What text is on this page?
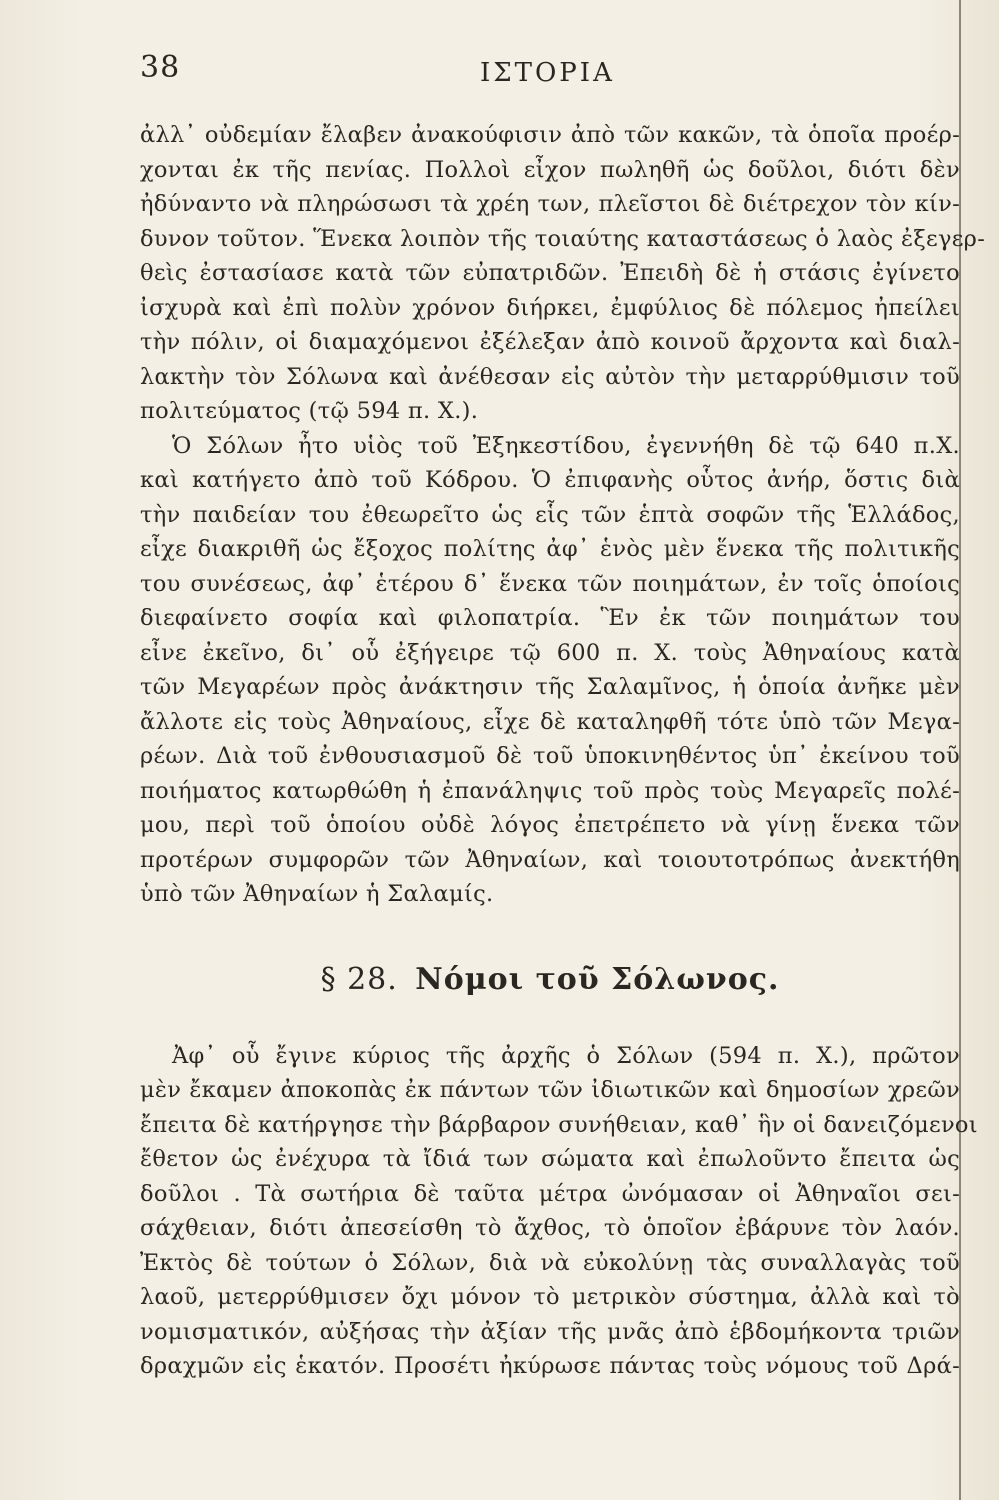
38	ΙΣΤΟΡΙΑ
ἀλλ᾽ οὐδεμίαν ἔλαβεν ἀνακούφισιν ἀπὸ τῶν κακῶν, τὰ ὁποῖα προέρ-
χονται ἐκ τῆς πενίας. Πολλοὶ εἶχον πωληθῆ ὡς δοῦλοι, διότι δὲν
ἠδύναντο νὰ πληρώσωσι τὰ χρέη των, πλεῖστοι δὲ διέτρεχον τὸν κίν-
δυνον τοῦτον. Ἕνεκα λοιπὸν τῆς τοιαύτης καταστάσεως ὁ λαὸς ἐξεγερ-
θεὶς ἐστασίασε κατὰ τῶν εὐπατριδῶν. Ἐπειδὴ δὲ ἡ στάσις ἐγίνετο
ἰσχυρὰ καὶ ἐπὶ πολὺν χρόνον διήρκει, ἐμφύλιος δὲ πόλεμος ἠπείλει
τὴν πόλιν, οἱ διαμαχόμενοι ἐξέλεξαν ἀπὸ κοινοῦ ἄρχοντα καὶ διαλ-
λακτὴν τὸν Σόλωνα καὶ ἀνέθεσαν εἰς αὐτὸν τὴν μεταρρύθμισιν τοῦ
πολιτεύματος (τῷ 594 π. Χ.).
Ὁ Σόλων ἦτο υἱὸς τοῦ Ἐξηκεστίδου, ἐγεννήθη δὲ τῷ 640 π.Χ.
καὶ κατήγετο ἀπὸ τοῦ Κόδρου. Ὁ ἐπιφανὴς οὗτος ἀνήρ, ὅστις διὰ
τὴν παιδείαν του ἐθεωρεῖτο ὡς εἷς τῶν ἑπτὰ σοφῶν τῆς Ἑλλάδος,
εἶχε διακριθῆ ὡς ἔξοχος πολίτης ἀφ᾽ ἑνὸς μὲν ἕνεκα τῆς πολιτικῆς
του συνέσεως, ἀφ᾽ ἑτέρου δ᾽ ἕνεκα τῶν ποιημάτων, ἐν τοῖς ὁποίοις
διεφαίνετο σοφία καὶ φιλοπατρία. Ἓν ἐκ τῶν ποιημάτων του
εἶνε ἐκεῖνο, δι᾽ οὗ ἐξήγειρε τῷ 600 π. Χ. τοὺς Ἀθηναίους κατὰ
τῶν Μεγαρέων πρὸς ἀνάκτησιν τῆς Σαλαμῖνος, ἡ ὁποία ἀνῆκε μὲν
ἄλλοτε εἰς τοὺς Ἀθηναίους, εἶχε δὲ καταληφθῆ τότε ὑπὸ τῶν Μεγα-
ρέων. Διὰ τοῦ ἐνθουσιασμοῦ δὲ τοῦ ὑποκινηθέντος ὑπ᾽ ἐκείνου τοῦ
ποιήματος κατωρθώθη ἡ ἐπανάληψις τοῦ πρὸς τοὺς Μεγαρεῖς πολέ-
μου, περὶ τοῦ ὁποίου οὐδὲ λόγος ἐπετρέπετο νὰ γίνῃ ἕνεκα τῶν
προτέρων συμφορῶν τῶν Ἀθηναίων, καὶ τοιουτοτρόπως ἀνεκτήθη
ὑπὸ τῶν Ἀθηναίων ἡ Σαλαμίς.
§ 28. Νόμοι τοῦ Σόλωνος.
Ἀφ᾽ οὗ ἔγινε κύριος τῆς ἀρχῆς ὁ Σόλων (594 π. Χ.), πρῶτον
μὲν ἔκαμεν ἀποκοπὰς ἐκ πάντων τῶν ἰδιωτικῶν καὶ δημοσίων χρεῶν
ἔπειτα δὲ κατήργησε τὴν βάρβαρον συνήθειαν, καθ᾽ ἣν οἱ δανειζόμενοι
ἔθετον ὡς ἐνέχυρα τὰ ἴδιά των σώματα καὶ ἐπωλοῦντο ἔπειτα ὡς
δοῦλοι . Τὰ σωτήρια δὲ ταῦτα μέτρα ὠνόμασαν οἱ Ἀθηναῖοι σει-
σάχθειαν, διότι ἀπεσείσθη τὸ ἄχθος, τὸ ὁποῖον ἐβάρυνε τὸν λαόν.
Ἐκτὸς δὲ τούτων ὁ Σόλων, διὰ νὰ εὐκολύνῃ τὰς συναλλαγὰς τοῦ
λαοῦ, μετερρύθμισεν ὄχι μόνον τὸ μετρικὸν σύστημα, ἀλλὰ καὶ τὸ
νομισματικόν, αὐξήσας τὴν ἀξίαν τῆς μνᾶς ἀπὸ ἑβδομήκοντα τριῶν
δραχμῶν εἰς ἑκατόν. Προσέτι ἠκύρωσε πάντας τοὺς νόμους τοῦ Δρά-
